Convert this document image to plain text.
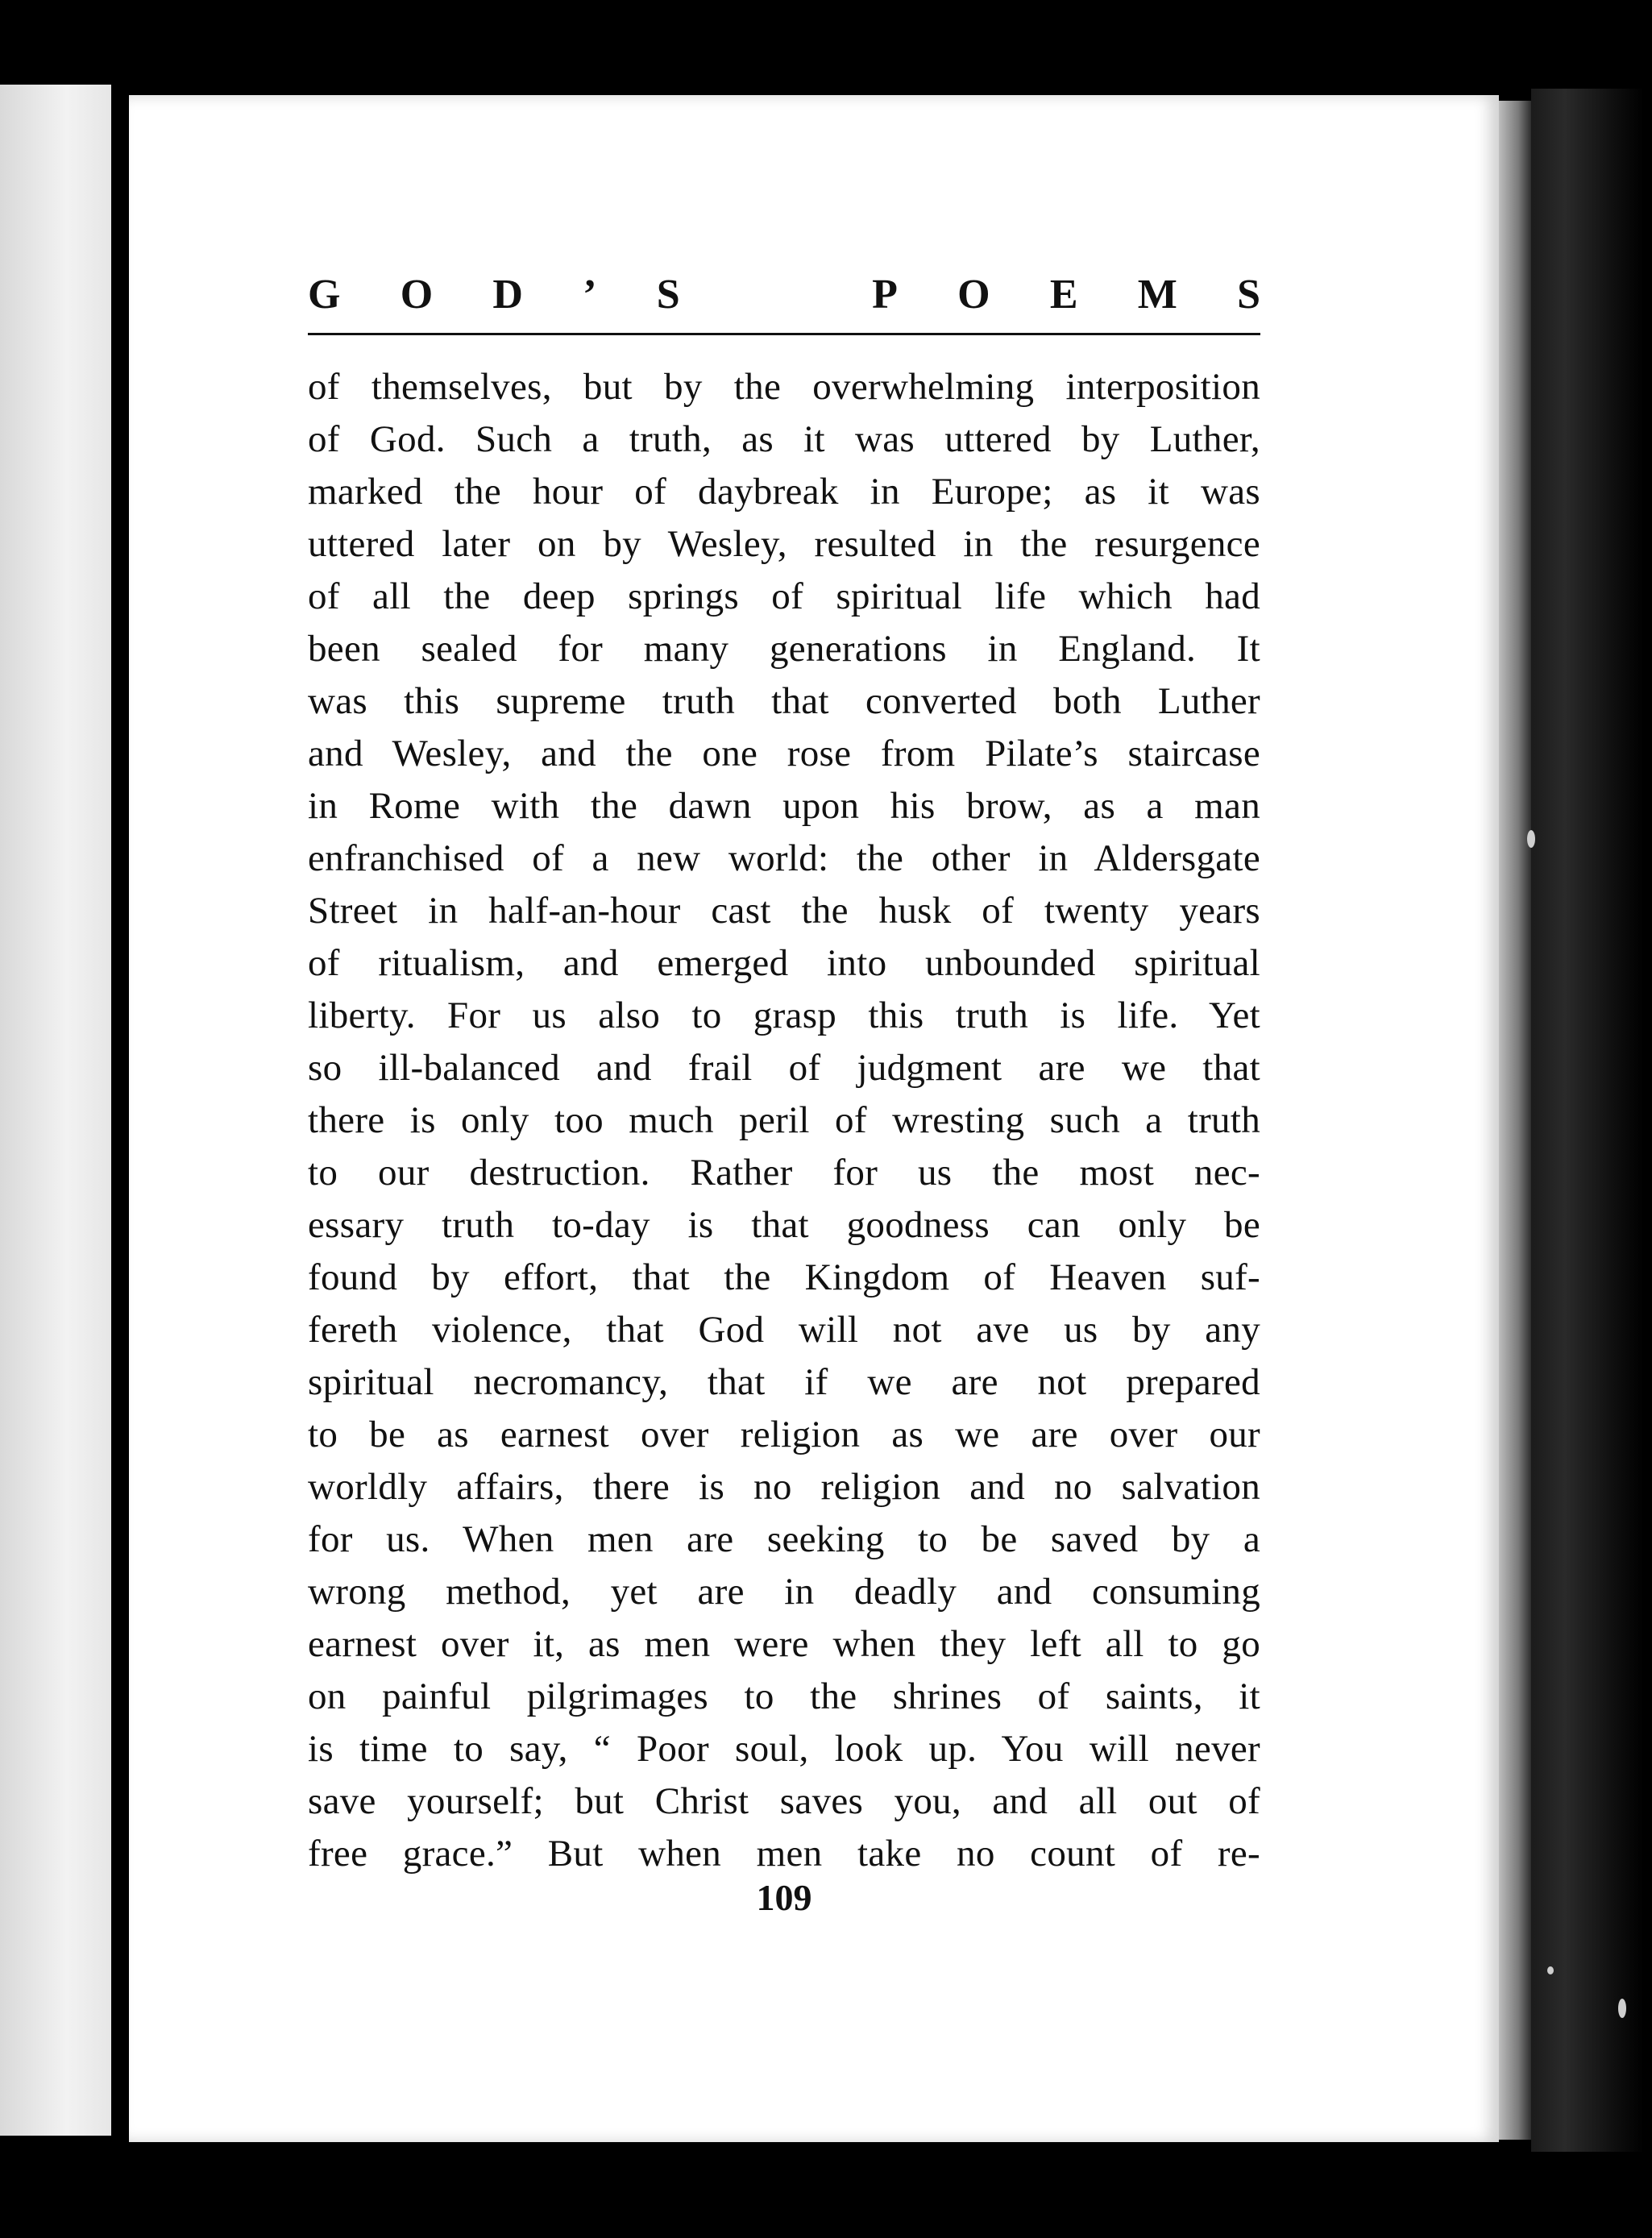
G O D ’ S	P O E M S
of themselves, but by the overwhelming interposition
of God. Such a truth, as it was uttered by Luther,
marked the hour of daybreak in Europe; as it was
uttered later on by Wesley, resulted in the resurgence
of all the deep springs of spiritual life which had
been sealed for many generations in England. It
was this supreme truth that converted both Luther
and Wesley, and the one rose from Pilate’s staircase
in Rome with the dawn upon his brow, as a man
enfranchised of a new world: the other in Aldersgate
Street in half-an-hour cast the husk of twenty years
of ritualism, and emerged into unbounded spiritual
liberty. For us also to grasp this truth is life. Yet
so ill-balanced and frail of judgment are we that
there is only too much peril of wresting such a truth
to our destruction. Rather for us the most nec-
essary truth to-day is that goodness can only be
found by effort, that the Kingdom of Heaven suf-
fereth violence, that God will not ave us by any
spiritual necromancy, that if we are not prepared
to be as earnest over religion as we are over our
worldly affairs, there is no religion and no salvation
for us. When men are seeking to be saved by a
wrong method, yet are in deadly and consuming
earnest over it, as men were when they left all to go
on painful pilgrimages to the shrines of saints, it
is time to say, “ Poor soul, look up. You will never
save yourself; but Christ saves you, and all out of
free grace.” But when men take no count of re-
109
